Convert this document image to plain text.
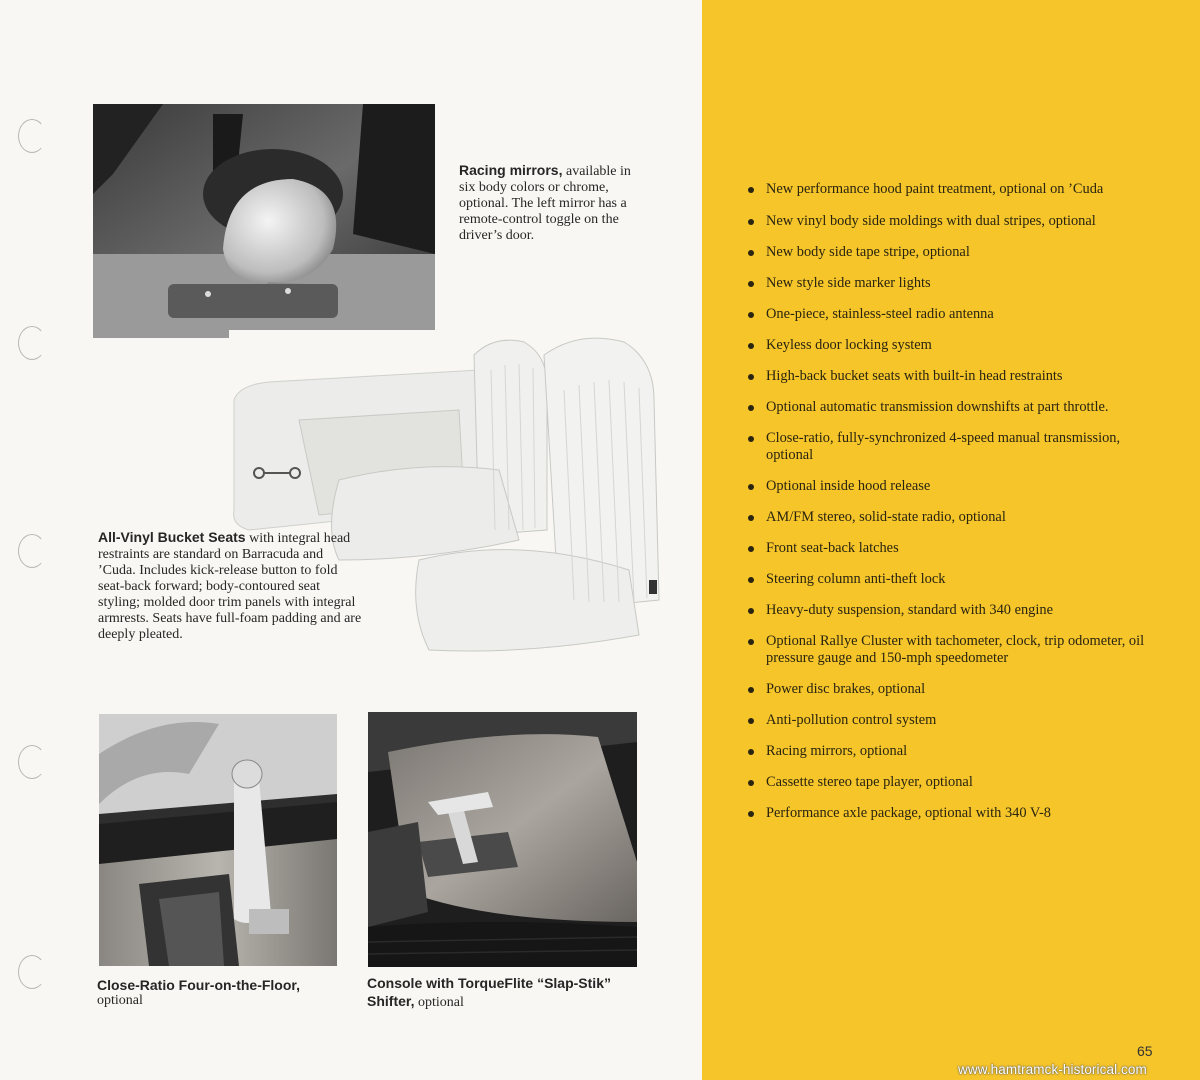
Racing mirrors, available in six body colors or chrome, optional. The left mirror has a remote-control toggle on the driver’s door.
All-Vinyl Bucket Seats with integral head restraints are standard on Barracuda and ’Cuda. Includes kick-release button to fold seat-back forward; body-contoured seat styling; molded door trim panels with integral armrests. Seats have full-foam padding and are deeply pleated.
Close-Ratio Four-on-the-Floor,
optional
Console with TorqueFlite “Slap-Stik” Shifter, optional
New performance hood paint treatment, optional on ’Cuda
New vinyl body side moldings with dual stripes, optional
New body side tape stripe, optional
New style side marker lights
One-piece, stainless-steel radio antenna
Keyless door locking system
High-back bucket seats with built-in head restraints
Optional automatic transmission downshifts at part throttle.
Close-ratio, fully-synchronized 4-speed manual transmission, optional
Optional inside hood release
AM/FM stereo, solid-state radio, optional
Front seat-back latches
Steering column anti-theft lock
Heavy-duty suspension, standard with 340 engine
Optional Rallye Cluster with tachometer, clock, trip odometer, oil pressure gauge and 150-mph speedometer
Power disc brakes, optional
Anti-pollution control system
Racing mirrors, optional
Cassette stereo tape player, optional
Performance axle package, optional with 340 V-8
65
www.hamtramck-historical.com
